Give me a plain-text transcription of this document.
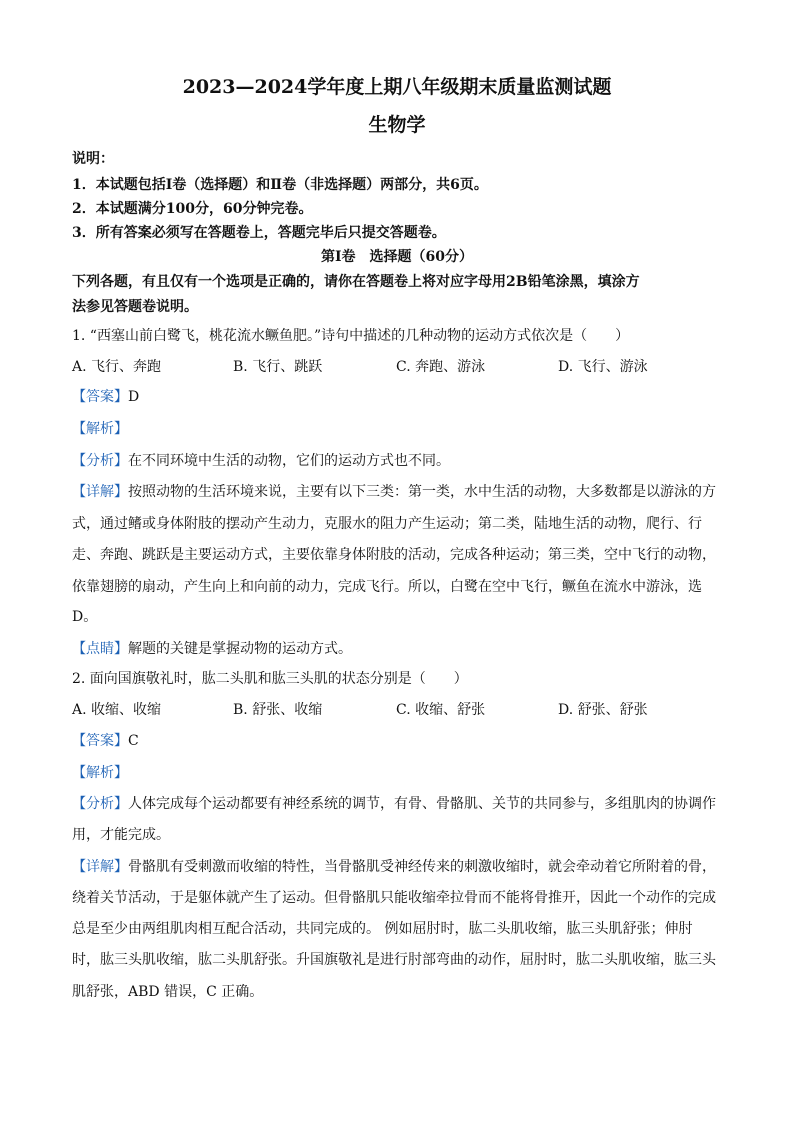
2023—2024学年度上期八年级期末质量监测试题
生物学
说明：
1．本试题包括Ⅰ卷（选择题）和Ⅱ卷（非选择题）两部分，共6页。
2．本试题满分100分，60分钟完卷。
3．所有答案必须写在答题卷上，答题完毕后只提交答题卷。
第Ⅰ卷　选择题（60分）
下列各题，有且仅有一个选项是正确的，请你在答题卷上将对应字母用2B铅笔涂黑，填涂方
法参见答题卷说明。
1. “西塞山前白鹭飞，桃花流水鳜鱼肥。”诗句中描述的几种动物的运动方式依次是（　　）
A. 飞行、奔跑	B. 飞行、跳跃	C. 奔跑、游泳	D. 飞行、游泳
【答案】D
【解析】
【分析】在不同环境中生活的动物，它们的运动方式也不同。
【详解】按照动物的生活环境来说，主要有以下三类：第一类，水中生活的动物，大多数都是以游泳的方
式，通过鳍或身体附肢的摆动产生动力，克服水的阻力产生运动；第二类，陆地生活的动物，爬行、行
走、奔跑、跳跃是主要运动方式，主要依靠身体附肢的活动，完成各种运动；第三类，空中飞行的动物，
依靠翅膀的扇动，产生向上和向前的动力，完成飞行。所以，白鹭在空中飞行，鳜鱼在流水中游泳，选
D。
【点睛】解题的关键是掌握动物的运动方式。
2. 面向国旗敬礼时，肱二头肌和肱三头肌的状态分别是（　　）
A. 收缩、收缩	B. 舒张、收缩	C. 收缩、舒张	D. 舒张、舒张
【答案】C
【解析】
【分析】人体完成每个运动都要有神经系统的调节，有骨、骨骼肌、关节的共同参与，多组肌肉的协调作
用，才能完成。
【详解】骨骼肌有受刺激而收缩的特性，当骨骼肌受神经传来的刺激收缩时，就会牵动着它所附着的骨，
绕着关节活动，于是躯体就产生了运动。但骨骼肌只能收缩牵拉骨而不能将骨推开，因此一个动作的完成
总是至少由两组肌肉相互配合活动，共同完成的。 例如屈肘时，肱二头肌收缩，肱三头肌舒张；伸肘
时，肱三头肌收缩，肱二头肌舒张。升国旗敬礼是进行肘部弯曲的动作，屈肘时，肱二头肌收缩，肱三头
肌舒张，ABD 错误，C 正确。
